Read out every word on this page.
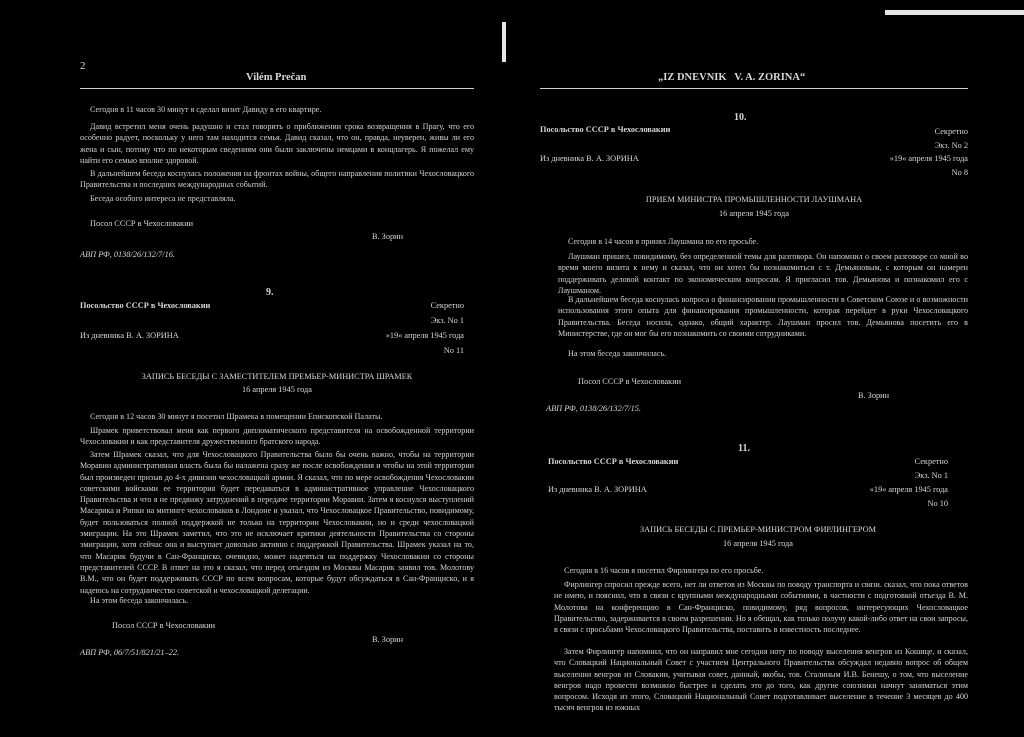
2
Vilém Prečan
Сегодня в 11 часов 30 минут я сделал визит Давиду в его квартире.
Давид встретил меня очень радушно и стал говорить о приближении срока возвращения в Прагу, что его особенно радует, поскольку у него там находится семья. Давид сказал, что он, правда, неуверен, живы ли его жена и сын, потому что по некоторым сведениям они были заключены немцами в концлагерь. Я пожелал ему найти его семью вполне здоровой.
В дальнейшем беседа коснулась положения на фронтах войны, общего направления политики Чехословацкого Правительства и последних международных событий.
Беседа особого интереса не представляла.
Посол СССР в Чехословакии
В. Зорин
АВП РФ, 0138/26/132/7/16.
9.
Посольство СССР в Чехословакии	Секретно
Экз. No 1
Из дневника В. А. ЗОРИНА	»19« апреля 1945 года
No 11
ЗАПИСЬ БЕСЕДЫ С ЗАМЕСТИТЕЛЕМ ПРЕМЬЕР-МИНИСТРА ШРАМЕК
16 апреля 1945 года
Сегодня в 12 часов 30 минут я посетил Шрамека в помещении Епископской Палаты.
Шрамек приветствовал меня как первого дипломатического представителя на освобожденной территории Чехословакии и как представителя дружественного братского народа.
Затем Шрамек сказал, что для Чехословацкого Правительства было бы очень важно, чтобы на территории Моравии административная власть была бы налажена сразу же после освобождения и чтобы на этой территории был произведен призыв до 4-х дивизии чехословацкой армии. Я сказал, что по мере освобождения Чехословакии советскими войсками ее территория будет передаваться в административное управление Чехословацкого Правительства и что я не предвижу затруднений в передаче территории Моравии. Затем я коснулся выступлений Масарика и Рипки на митинге чехословаков в Лондоне и указал, что Чехословацкое Правительство, повидимому, будет пользоваться полной поддержкой не только на территории Чехословакии, но и среди чехословацкой эмиграции. На это Шрамек заметил, что это не исключает критики деятельности Правительства со стороны эмиграции, хотя сейчас она и выступает довольно активно с поддержкой Правительства. Шрамек указал на то, что Масарик будучи в Сан-Франциско, очевидно, может надеяться на поддержку Чехословакии со стороны представителей СССР. В ответ на это я сказал, что перед отъездом из Москвы Масарик заявил тов. Молотову В.М., что он будет поддерживать СССР по всем вопросам, которые будут обсуждаться в Сан-Франциско, и я надеюсь на сотрудничество советской и чехословацкой делегации.
На этом беседа закончилась.
Посол СССР в Чехословакии
В. Зорин
АВП РФ, 06/7/51/821/21–22.
„IZ DNEVNIK   V. A. ZORINA“
10.
Посольство СССР в Чехословакии	Секретно
Экз. No 2
Из дневника В. А. ЗОРИНА	»19« апреля 1945 года
No 8
ПРИЕМ МИНИСТРА ПРОМЫШЛЕННОСТИ ЛАУШМАНА
16 апреля 1945 года
Сегодня в 14 часов я принял Лаушмана по его просьбе.
Лаушман пришел, повидимому, без определенной темы для разговора. Он напомнил о своем разговоре со мной во время моего визита к нему и сказал, что он хотел бы познакомиться с т. Демьяновым, с которым он намерен поддерживать деловой контакт по экономическим вопросам. Я пригласил тов. Демьянова и познакомил его с Лаушманом.
В дальнейшем беседа коснулась вопроса о финансировании промышленности в Советском Союзе и о возможности использования этого опыта для финансирования промышленности, которая перейдет в руки Чехословацкого Правительства. Беседа носила, однако, общий характер. Лаушман просил тов. Демьянова посетить его в Министерстве, где он мог бы его познакомить со своими сотрудниками.
На этом беседа закончилась.
Посол СССР в Чехословакии
В. Зорин
АВП РФ, 0138/26/132/7/15.
11.
Посольство СССР в Чехословакии	Секретно
Экз. No 1
Из дневника В. А. ЗОРИНА	»19« апреля 1945 года
No 10
ЗАПИСЬ БЕСЕДЫ С ПРЕМЬЕР-МИНИСТРОМ ФИРЛИНГЕРОМ
16 апреля 1945 года
Сегодня в 16 часов я посетил Фирлингера по его просьбе.
Фирлингер спросил прежде всего, нет ли ответов из Москвы по поводу транспорта и связи. сказал, что пока ответов не имею, и пояснил, что в связи с крупными международными событиями, в частности с подготовкой отъезда В. М. Молотова на конференцию в Сан-Франциско, повидимому, ряд вопросов, интересующих Чехословацкое Правительство, задерживается в своем разрешении. Но я обещал, как только получу какой-либо ответ на свои запросы, в связи с просьбами Чехословацкого Правительства, поставить в известность последнее.
Затем Фирлингер напомнил, что он направил мне сегодня ноту по поводу выселения венгров из Кошице, и сказал, что Словацкий Национальный Совет с участием Центрального Правительства обсуждал недавно вопрос об общем выселении венгров из Словакии, учитывая совет, данный, якобы, тов. Сталиным И.В. Бенешу, о том, что выселение венгров надо провести возможно быстрее и сделать это до того, как другие союзники начнут заниматься этим вопросом. Исходя из этого, Словацкий Национальный Совет подготавливает выселение в течение 3 месяцев до 400 тысяч венгров из южных
